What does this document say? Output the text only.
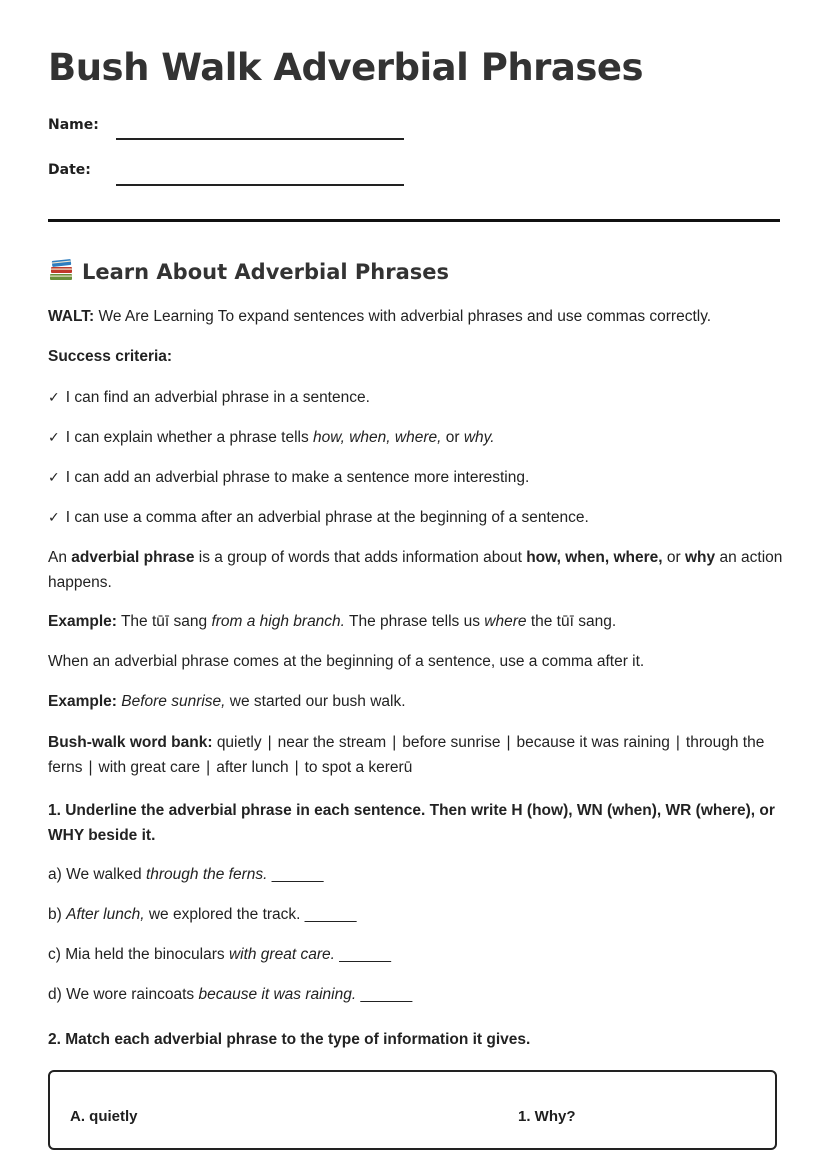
Bush Walk Adverbial Phrases
Name:
Date:
Learn About Adverbial Phrases

WALT: We Are Learning To expand sentences with adverbial phrases and use commas correctly.

Success criteria:

✓ I can find an adverbial phrase in a sentence.

✓ I can explain whether a phrase tells how, when, where, or why.

✓ I can add an adverbial phrase to make a sentence more interesting.

✓ I can use a comma after an adverbial phrase at the beginning of a sentence.

An adverbial phrase is a group of words that adds information about how, when, where, or why an action happens.

Example: The tūī sang from a high branch. The phrase tells us where the tūī sang.

When an adverbial phrase comes at the beginning of a sentence, use a comma after it.

Example: Before sunrise, we started our bush walk.

Bush-walk word bank: quietly | near the stream | before sunrise | because it was raining | through the ferns | with great care | after lunch | to spot a kererū

1. Underline the adverbial phrase in each sentence. Then write H (how), WN (when), WR (where), or WHY beside it.

a) We walked through the ferns. ______

b) After lunch, we explored the track. ______

c) Mia held the binoculars with great care. ______

d) We wore raincoats because it was raining. ______

2. Match each adverbial phrase to the type of information it gives.

A. quietly	1. Why?
